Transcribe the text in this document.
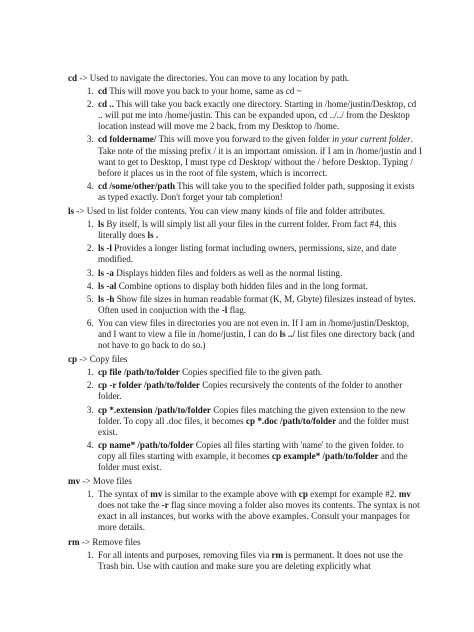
cd -> Used to navigate the directories. You can move to any location by path.

1. cd This will move you back to your home, same as cd ~
2. cd .. This will take you back exactly one directory. Starting in /home/justin/Desktop, cd .. will put me into /home/justin. This can be expanded upon, cd ../../ from the Desktop location instead will move me 2 back, from my Desktop to /home.
3. cd foldername/ This will move you forward to the given folder in your current folder. Take note of the missing prefix / it is an important omission. if I am in /home/justin and I want to get to Desktop, I must type cd Desktop/ without the / before Desktop. Typing / before it places us in the root of file system, which is incorrect.
4. cd /some/other/path This will take you to the specified folder path, supposing it exists as typed exactly. Don't forget your tab completion!

ls -> Used to list folder contents. You can view many kinds of file and folder attributes.

1. ls By itself, ls will simply list all your files in the current folder. From fact #4, this literally does ls .
2. ls -l Provides a longer listing format including owners, permissions, size, and date modified.
3. ls -a Displays hidden files and folders as well as the normal listing.
4. ls -al Combine options to display both hidden files and in the long format.
5. ls -h Show file sizes in human readable format (K, M, Gbyte) filesizes instead of bytes. Often used in conjuction with the -l flag.
6. You can view files in directories you are not even in. If I am in /home/justin/Desktop, and I want to view a file in /home/justin, I can do ls ../ list files one directory back (and not have to go back to do so.)

cp -> Copy files

1. cp file /path/to/folder Copies specified file to the given path.
2. cp -r folder /path/to/folder Copies recursively the contents of the folder to another folder.
3. cp *.extension /path/to/folder Copies files matching the given extension to the new folder. To copy all .doc files, it becomes cp *.doc /path/to/folder and the folder must exist.
4. cp name* /path/to/folder Copies all files starting with 'name' to the given folder. to copy all files starting with example, it becomes cp example* /path/to/folder and the folder must exist.

mv -> Move files

1. The syntax of mv is similar to the example above with cp exempt for example #2. mv does not take the -r flag since moving a folder also moves its contents. The syntax is not exact in all instances, but works with the above examples. Consult your manpages for more details.

rm -> Remove files

1. For all intents and purposes, removing files via rm is permanent. It does not use the Trash bin. Use with caution and make sure you are deleting explicitly what
